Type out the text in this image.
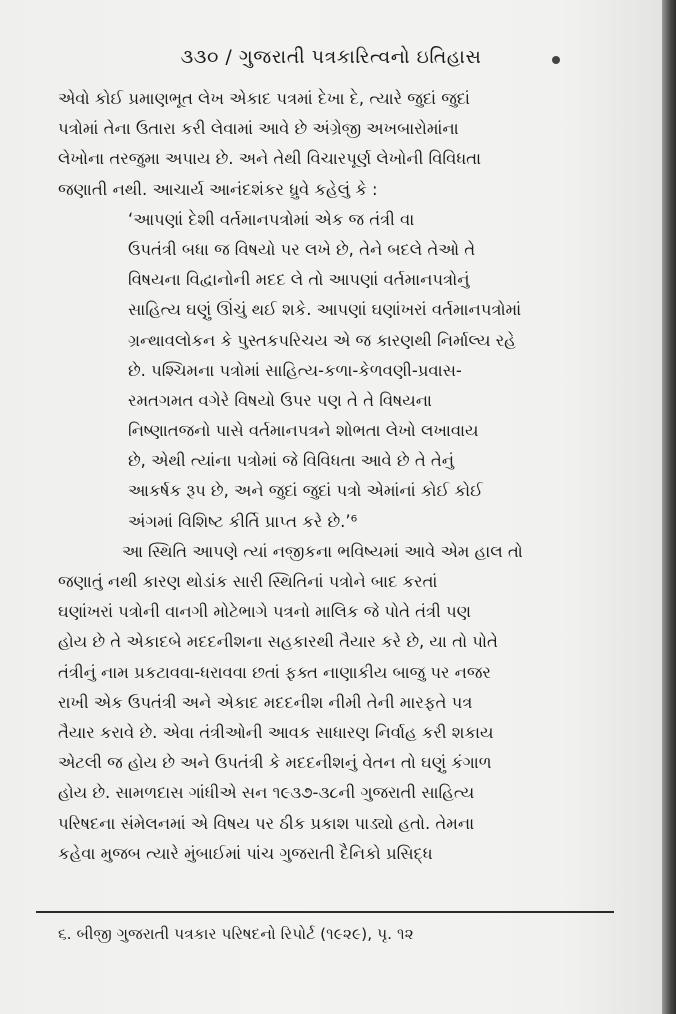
૩૩૦ / ગુજરાતી પત્રકારિત્વનો ઇતિહાસ
એવો કોઈ પ્રમાણભૂત લેખ એકાદ પત્રમાં દેખા દે, ત્યારે જુદાં જુદાં
પત્રોમાં તેના ઉતારા કરી લેવામાં આવે છે અંગ્રેજી અખબારોમાંના
લેખોના તરજુમા અપાય છે. અને તેથી વિચારપૂર્ણ લેખોની વિવિધતા
જણાતી નથી. આચાર્ય આનંદશંકર ધ્રુવે કહેલું કે :
‘આપણાં દેશી વર્તમાનપત્રોમાં એક જ તંત્રી વા
ઉપતંત્રી બધા જ વિષયો પર લખે છે, તેને બદલે તેઓ તે
વિષયના વિદ્વાનોની મદદ લે તો આપણાં વર્તમાનપત્રોનું
સાહિત્ય ઘણું ઊંચું થઈ શકે. આપણાં ઘણાંખરાં વર્તમાનપત્રોમાં
ગ્રન્થાવલોકન કે પુસ્તકપરિચય એ જ કારણથી નિર્માલ્ય રહે
છે. પશ્ચિમના પત્રોમાં સાહિત્ય-કળા-કેળવણી-પ્રવાસ-
રમતગમત વગેરે વિષયો ઉપર પણ તે તે વિષયના
નિષ્ણાતજનો પાસે વર્તમાનપત્રને શોભતા લેખો લખાવાય
છે, એથી ત્યાંના પત્રોમાં જે વિવિધતા આવે છે તે તેનું
આકર્ષક રૂપ છે, અને જુદાં જુદાં પત્રો એમાંનાં કોઈ કોઈ
અંગમાં વિશિષ્ટ કીર્તિ પ્રાપ્ત કરે છે.’⁶
આ સ્થિતિ આપણે ત્યાં નજીકના ભવિષ્યમાં આવે એમ હાલ તો
જણાતું નથી કારણ થોડાંક સારી સ્થિતિનાં પત્રોને બાદ કરતાં
ઘણાંખરાં પત્રોની વાનગી મોટેભાગે પત્રનો માલિક જે પોતે તંત્રી પણ
હોય છે તે એકાદબે મદદનીશના સહકારથી તૈયાર કરે છે, યા તો પોતે
તંત્રીનું નામ પ્રકટાવવા-ધરાવવા છતાં ફક્ત નાણાકીય બાજુ પર નજર
રાખી એક ઉપતંત્રી અને એકાદ મદદનીશ નીમી તેની મારફતે પત્ર
તૈયાર કરાવે છે. એવા તંત્રીઓની આવક સાધારણ નિર્વાહ કરી શકાય
એટલી જ હોય છે અને ઉપતંત્રી કે મદદનીશનું વેતન તો ઘણું કંગાળ
હોય છે. સામળદાસ ગાંધીએ સન ૧૯૩૭-૩૮ની ગુજરાતી સાહિત્ય
પરિષદના સંમેલનમાં એ વિષય પર ઠીક પ્રકાશ પાડ્યો હતો. તેમના
કહેવા મુજબ ત્યારે મુંબાઈમાં પાંચ ગુજરાતી દૈનિકો પ્રસિદ્ધ
૬. બીજી ગુજરાતી પત્રકાર પરિષદનો રિપોર્ટ (૧૯૨૯), પૃ. ૧૨
